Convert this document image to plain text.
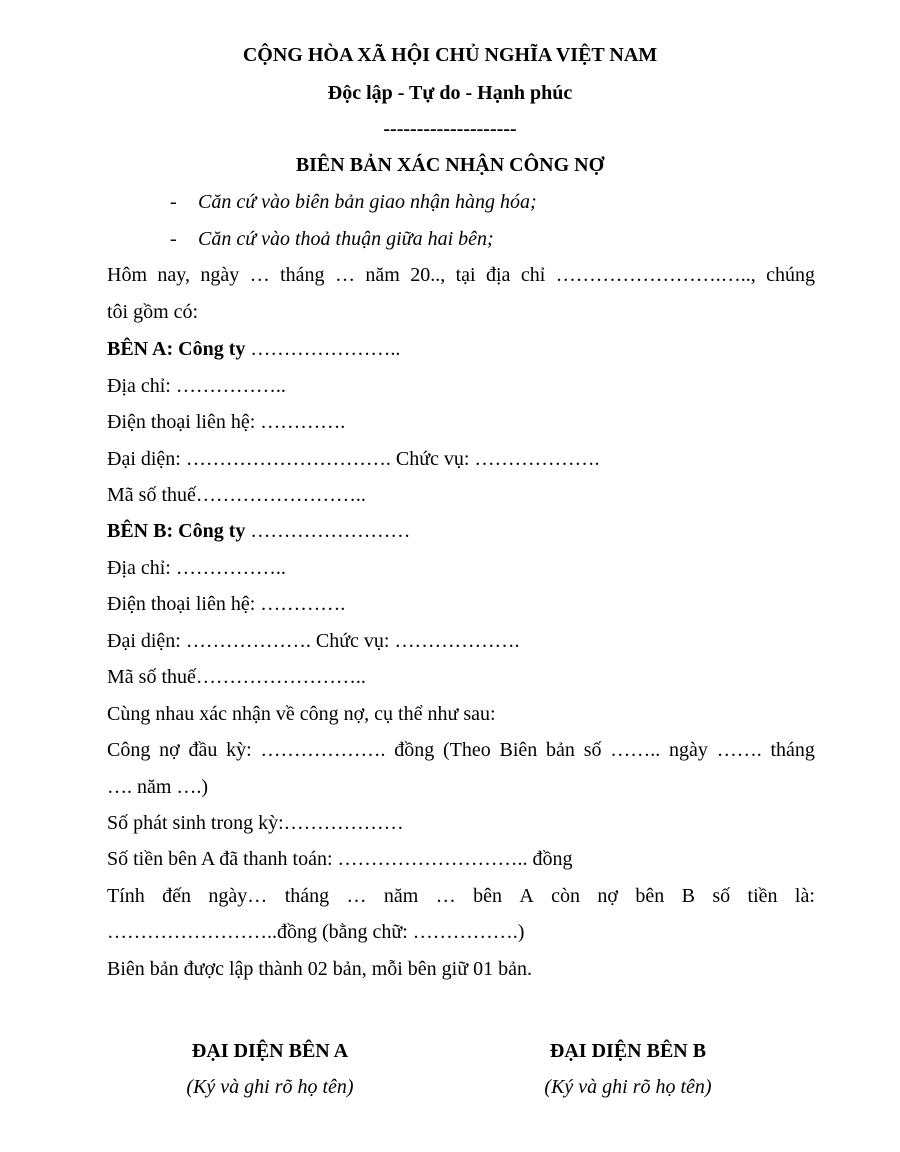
CỘNG HÒA XÃ HỘI CHỦ NGHĨA VIỆT NAM
Độc lập - Tự do - Hạnh phúc
--------------------
BIÊN BẢN XÁC NHẬN CÔNG NỢ
- Căn cứ vào biên bản giao nhận hàng hóa;
- Căn cứ vào thoả thuận giữa hai bên;
Hôm nay, ngày … tháng … năm 20.., tại địa chỉ …………………….….., chúng
tôi gồm có:
BÊN A: Công ty …………………..
Địa chỉ: ……………..
Điện thoại liên hệ: ………….
Đại diện: …………………………. Chức vụ: ……………….
Mã số thuế……………………..
BÊN B: Công ty ……………………
Địa chỉ: ……………..
Điện thoại liên hệ: ………….
Đại diện: ………………. Chức vụ: ……………….
Mã số thuế……………………..
Cùng nhau xác nhận về công nợ, cụ thể như sau:
Công nợ đầu kỳ: ………………. đồng (Theo Biên bản số …….. ngày ……. tháng
…. năm ….)
Số phát sinh trong kỳ:………………
Số tiền bên A đã thanh toán: ……………………….. đồng
Tính đến ngày… tháng … năm … bên A còn nợ bên B số tiền là:
……………………..đồng (bằng chữ: …………….)
Biên bản được lập thành 02 bản, mỗi bên giữ 01 bản.
ĐẠI DIỆN BÊN A
(Ký và ghi rõ họ tên)
ĐẠI DIỆN BÊN B
(Ký và ghi rõ họ tên)
